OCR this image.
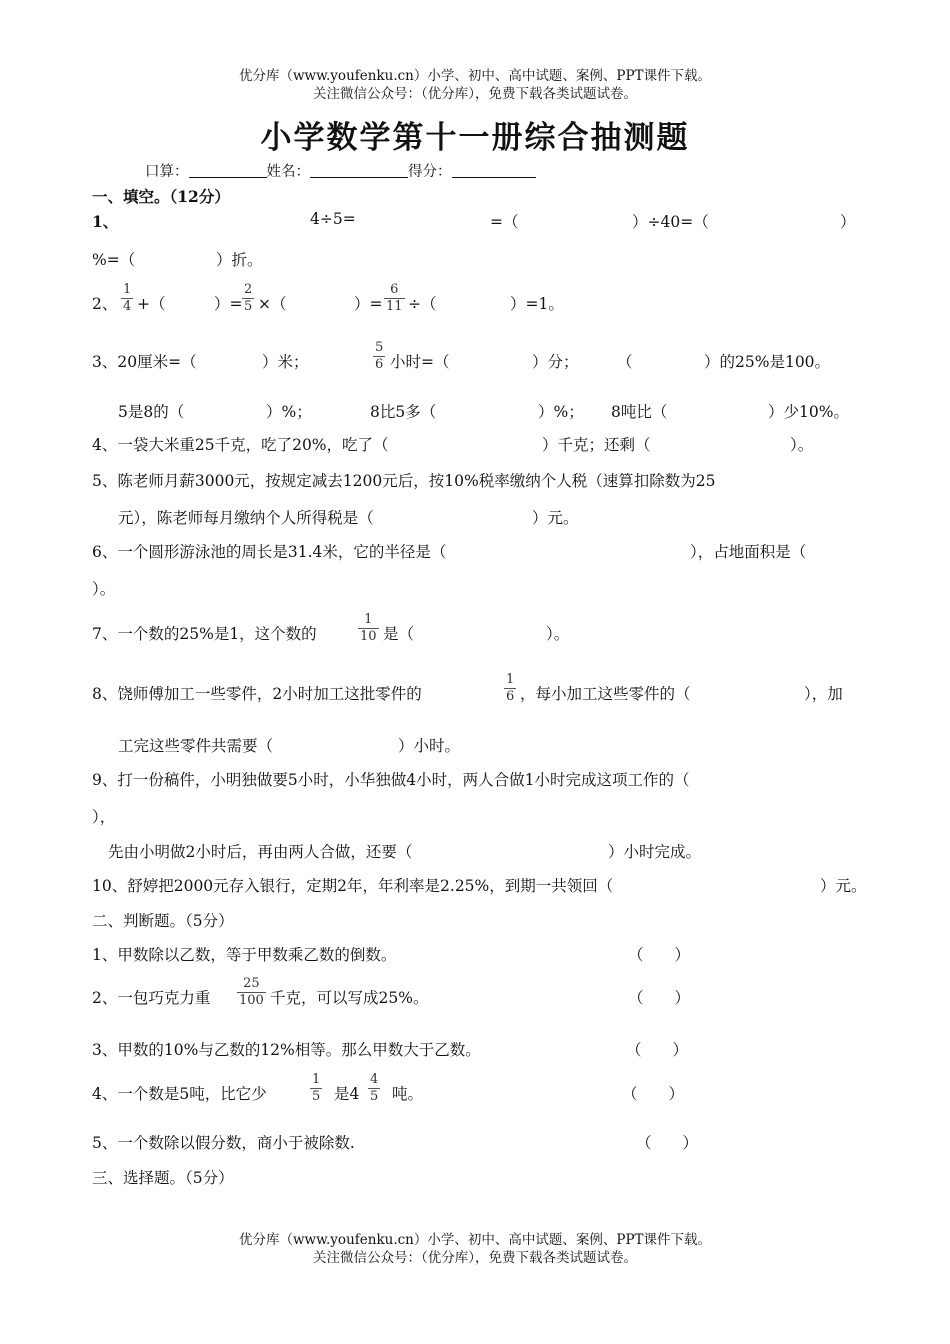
优分库（www.youfenku.cn）小学、初中、高中试题、案例、PPT课件下载。
关注微信公众号：（优分库），免费下载各类试题试卷。
小学数学第十一册综合抽测题
口算：	姓名：	得分：
一、填空。（12分）
1、	4÷5=	=（	）÷40=（	）
%=（	）折。
2、 $\frac{1}{4}$ +（	）= $\frac{2}{5}$ ×（	）= $\frac{6}{11}$ ÷（	）=1。
3、20厘米=（	）米；	$\frac{5}{6}$ 小时=（	）分； （	）的25%是100。
5是8的（	）%；	8比5多（	）%； 8吨比（	）少10%。
4、一袋大米重25千克，吃了20%，吃了（	）千克；还剩（	）。
5、陈老师月薪3000元，按规定减去1200元后，按10%税率缴纳个人税（速算扣除数为25
元），陈老师每月缴纳个人所得税是（	）元。
6、一个圆形游泳池的周长是31.4米，它的半径是（	），占地面积是（
）。
7、一个数的25%是1，这个数的	$\frac{1}{10}$ 是（	）。
8、饶师傅加工一些零件，2小时加工这批零件的	$\frac{1}{6}$ ，每小加工这些零件的（	），加
工完这些零件共需要（	）小时。
9、打一份稿件，小明独做要5小时，小华独做4小时，两人合做1小时完成这项工作的（
），
先由小明做2小时后，再由两人合做，还要（	）小时完成。
10、舒婷把2000元存入银行，定期2年，年利率是2.25%，到期一共领回（	）元。
二、判断题。（5分）
1、甲数除以乙数，等于甲数乘乙数的倒数。	（　　）
2、一包巧克力重 $\frac{25}{100}$ 千克，可以写成25%。	（　　）
3、甲数的10%与乙数的12%相等。那么甲数大于乙数。	（　　）
4、一个数是5吨，比它少	$\frac{1}{5}$ 是$4 \frac{4}{5}$ 吨。	（　　）
5、一个数除以假分数，商小于被除数.	（　　）
三、选择题。（5分）
优分库（www.youfenku.cn）小学、初中、高中试题、案例、PPT课件下载。
关注微信公众号：（优分库），免费下载各类试题试卷。
